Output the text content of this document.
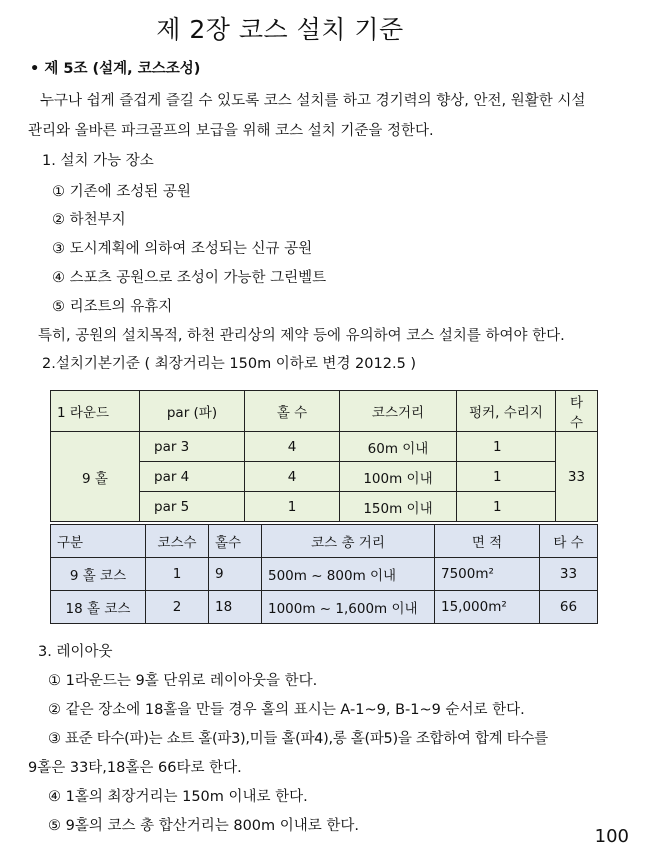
제 2장 코스 설치 기준
• 제 5조 (설계, 코스조성)
누구나 쉽게 즐겁게 즐길 수 있도록 코스 설치를 하고 경기력의 향상, 안전, 원활한 시설
관리와 올바른 파크골프의 보급을 위해 코스 설치 기준을 정한다.
1. 설치 가능 장소
① 기존에 조성된 공원
② 하천부지
③ 도시계획에 의하여 조성되는 신규 공원
④ 스포츠 공원으로 조성이 가능한 그린벨트
⑤ 리조트의 유휴지
특히, 공원의 설치목적, 하천 관리상의 제약 등에 유의하여 코스 설치를 하여야 한다.
2.설치기본기준 ( 최장거리는 150m 이하로 변경 2012.5 )
1 라운드	par (파)	홀 수	코스거리	펑커, 수리지	타 수
9 홀	par 3	4	60m 이내	1	33
	par 4	4	100m 이내	1	
	par 5	1	150m 이내	1	
구분	코스수	홀수	코스 총 거리	면 적	타 수
9 홀 코스	1	9	500m ~ 800m 이내	7500m²	33
18 홀 코스	2	18	1000m ~ 1,600m 이내	15,000m²	66
3. 레이아웃
① 1라운드는 9홀 단위로 레이아웃을 한다.
② 같은 장소에 18홀을 만들 경우 홀의 표시는 A-1~9, B-1~9 순서로 한다.
③ 표준 타수(파)는 쇼트 홀(파3),미들 홀(파4),롱 홀(파5)을 조합하여 합계 타수를
9홀은 33타,18홀은 66타로 한다.
④ 1홀의 최장거리는 150m 이내로 한다.
⑤ 9홀의 코스 총 합산거리는 800m 이내로 한다.	100
